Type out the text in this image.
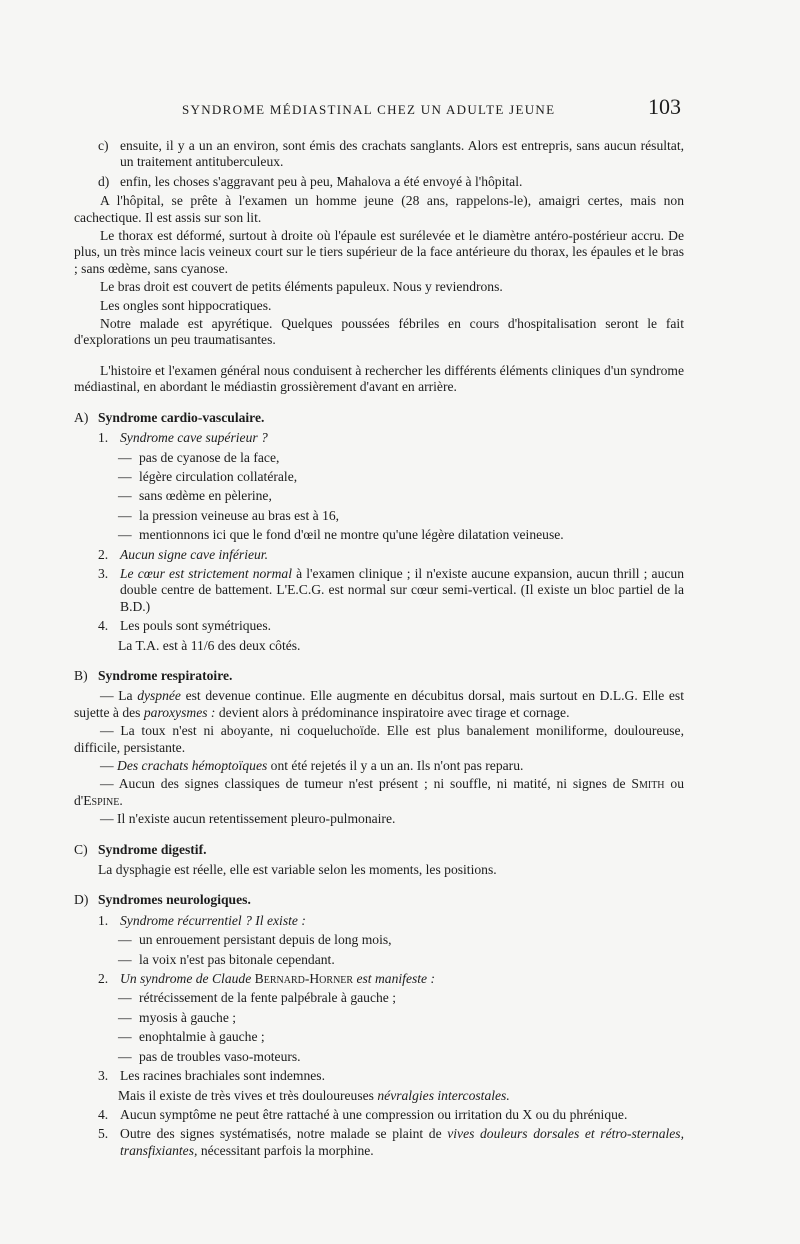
SYNDROME MÉDIASTINAL CHEZ UN ADULTE JEUNE	103
c) ensuite, il y a un an environ, sont émis des crachats sanglants. Alors est entrepris, sans aucun résultat, un traitement antituberculeux.
d) enfin, les choses s'aggravant peu à peu, Mahalova a été envoyé à l'hôpital.

A l'hôpital, se prête à l'examen un homme jeune (28 ans, rappelons-le), amaigri certes, mais non cachectique. Il est assis sur son lit.

Le thorax est déformé, surtout à droite où l'épaule est surélevée et le diamètre antéro-postérieur accru. De plus, un très mince lacis veineux court sur le tiers supérieur de la face antérieure du thorax, les épaules et le bras ; sans œdème, sans cyanose.

Le bras droit est couvert de petits éléments papuleux. Nous y reviendrons.

Les ongles sont hippocratiques.

Notre malade est apyrétique. Quelques poussées fébriles en cours d'hospitalisation seront le fait d'explorations un peu traumatisantes.

L'histoire et l'examen général nous conduisent à rechercher les différents éléments cliniques d'un syndrome médiastinal, en abordant le médiastin grossièrement d'avant en arrière.

A) Syndrome cardio-vasculaire.
1. Syndrome cave supérieur ?
— pas de cyanose de la face,
— légère circulation collatérale,
— sans œdème en pèlerine,
— la pression veineuse au bras est à 16,
— mentionnons ici que le fond d'œil ne montre qu'une légère dilatation veineuse.
2. Aucun signe cave inférieur.
3. Le cœur est strictement normal à l'examen clinique ; il n'existe aucune expansion, aucun thrill ; aucun double centre de battement. L'E.C.G. est normal sur cœur semi-vertical. (Il existe un bloc partiel de la B.D.)
4. Les pouls sont symétriques.
La T.A. est à 11/6 des deux côtés.
B) Syndrome respiratoire.

— La dyspnée est devenue continue. Elle augmente en décubitus dorsal, mais surtout en D.L.G. Elle est sujette à des paroxysmes : devient alors à prédominance inspiratoire avec tirage et cornage.

— La toux n'est ni aboyante, ni coqueluchoïde. Elle est plus banalement moniliforme, douloureuse, difficile, persistante.

— Des crachats hémoptoïques ont été rejetés il y a un an. Ils n'ont pas reparu.

— Aucun des signes classiques de tumeur n'est présent ; ni souffle, ni matité, ni signes de Smith ou d'Espine.

— Il n'existe aucun retentissement pleuro-pulmonaire.

C) Syndrome digestif.

La dysphagie est réelle, elle est variable selon les moments, les positions.

D) Syndromes neurologiques.
1. Syndrome récurrentiel ? Il existe :
— un enrouement persistant depuis de long mois,
— la voix n'est pas bitonale cependant.
2. Un syndrome de Claude Bernard-Horner est manifeste :
— rétrécissement de la fente palpébrale à gauche ;
— myosis à gauche ;
— enophtalmie à gauche ;
— pas de troubles vaso-moteurs.
3. Les racines brachiales sont indemnes.
Mais il existe de très vives et très douloureuses névralgies intercostales.
4. Aucun symptôme ne peut être rattaché à une compression ou irritation du X ou du phrénique.
5. Outre des signes systématisés, notre malade se plaint de vives douleurs dorsales et rétro-sternales, transfixiantes, nécessitant parfois la morphine.
